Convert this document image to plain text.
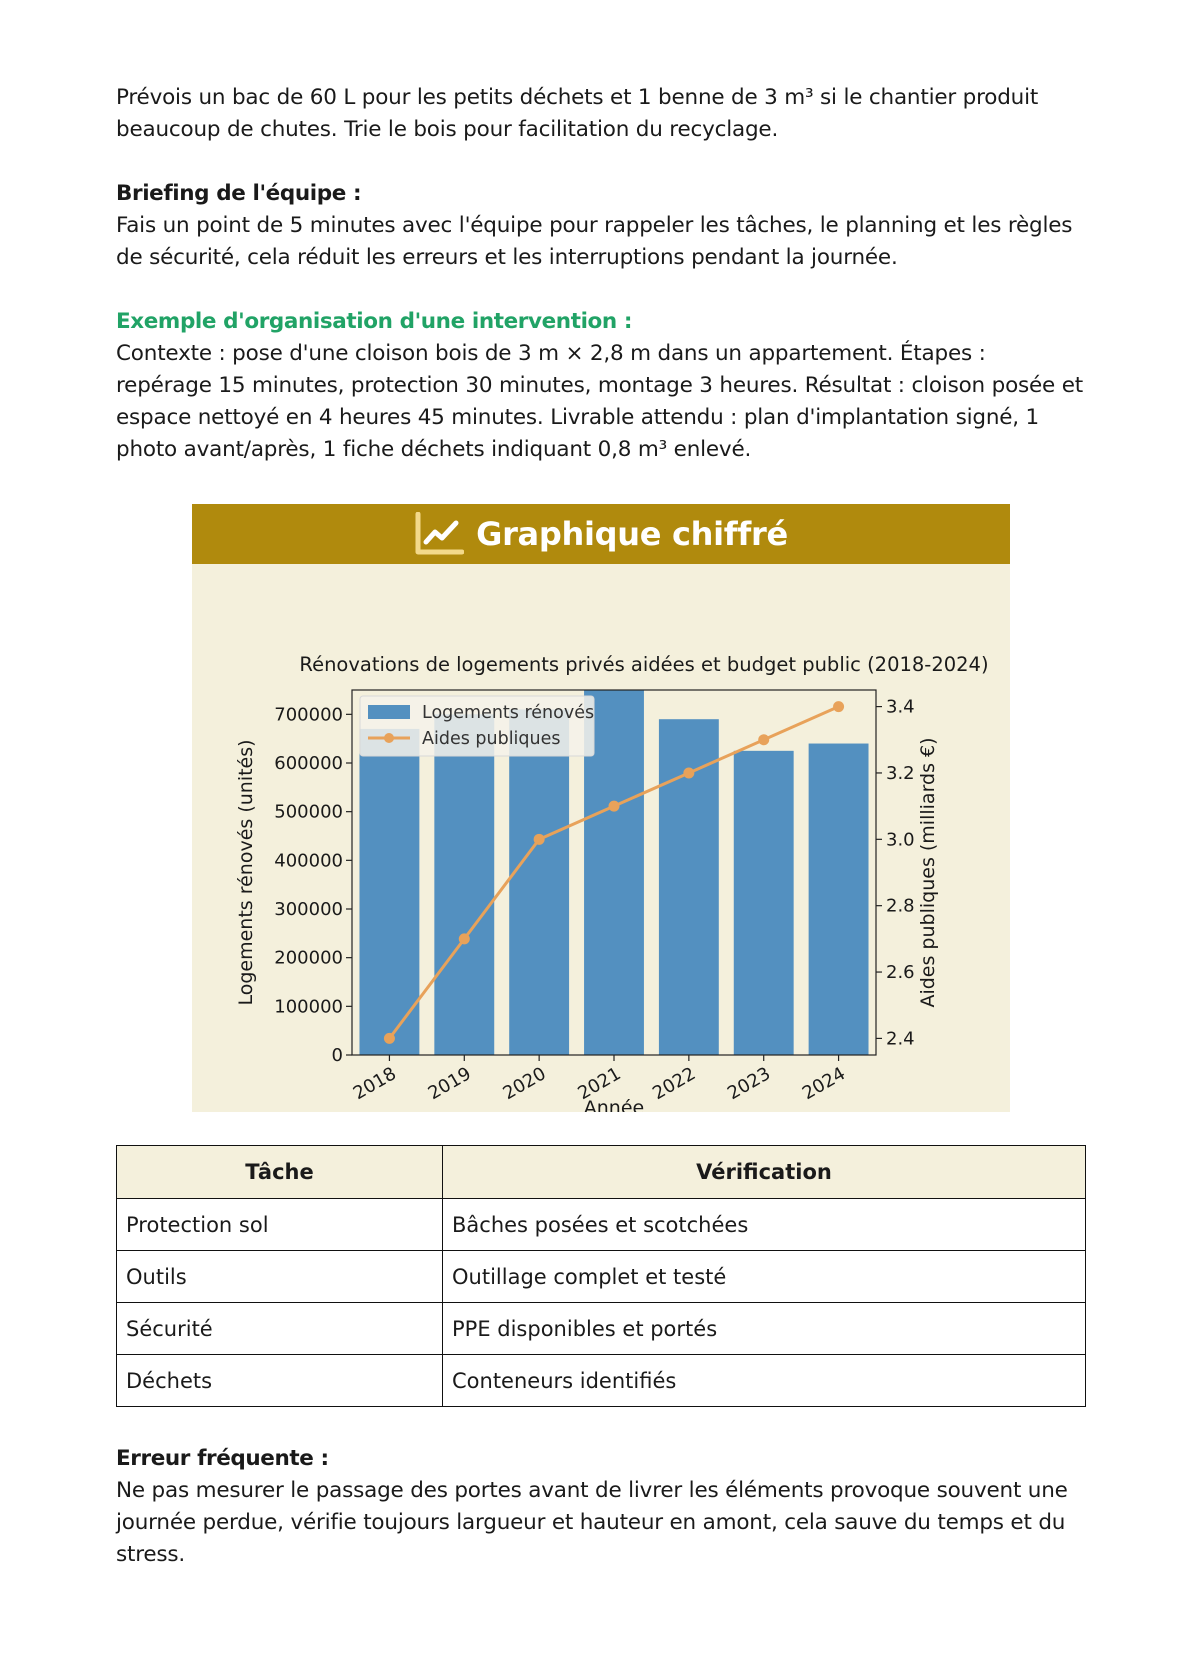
Prévois un bac de 60 L pour les petits déchets et 1 benne de 3 m³ si le chantier produit beaucoup de chutes. Trie le bois pour facilitation du recyclage.

Briefing de l'équipe :

Fais un point de 5 minutes avec l'équipe pour rappeler les tâches, le planning et les règles de sécurité, cela réduit les erreurs et les interruptions pendant la journée.

Exemple d'organisation d'une intervention :

Contexte : pose d'une cloison bois de 3 m × 2,8 m dans un appartement. Étapes : repérage 15 minutes, protection 30 minutes, montage 3 heures. Résultat : cloison posée et espace nettoyé en 4 heures 45 minutes. Livrable attendu : plan d'implantation signé, 1 photo avant/après, 1 fiche déchets indiquant 0,8 m³ enlevé.

Graphique chiffré
Rénovations de logements privés aidées et budget public (2018-2024)
0
100000
200000
300000
400000
500000
600000
700000
2.4
2.6
2.8
3.0
3.2
3.4
2018 2019 2020 2021 2022 2023 2024
Année
Logements rénovés (unités)	Aides publiques (milliards €)
Logements rénovés
Aides publiques
Tâche	Vérification
Protection sol	Bâches posées et scotchées
Outils	Outillage complet et testé
Sécurité	PPE disponibles et portés
Déchets	Conteneurs identifiés
Erreur fréquente :

Ne pas mesurer le passage des portes avant de livrer les éléments provoque souvent une journée perdue, vérifie toujours largueur et hauteur en amont, cela sauve du temps et du stress.
